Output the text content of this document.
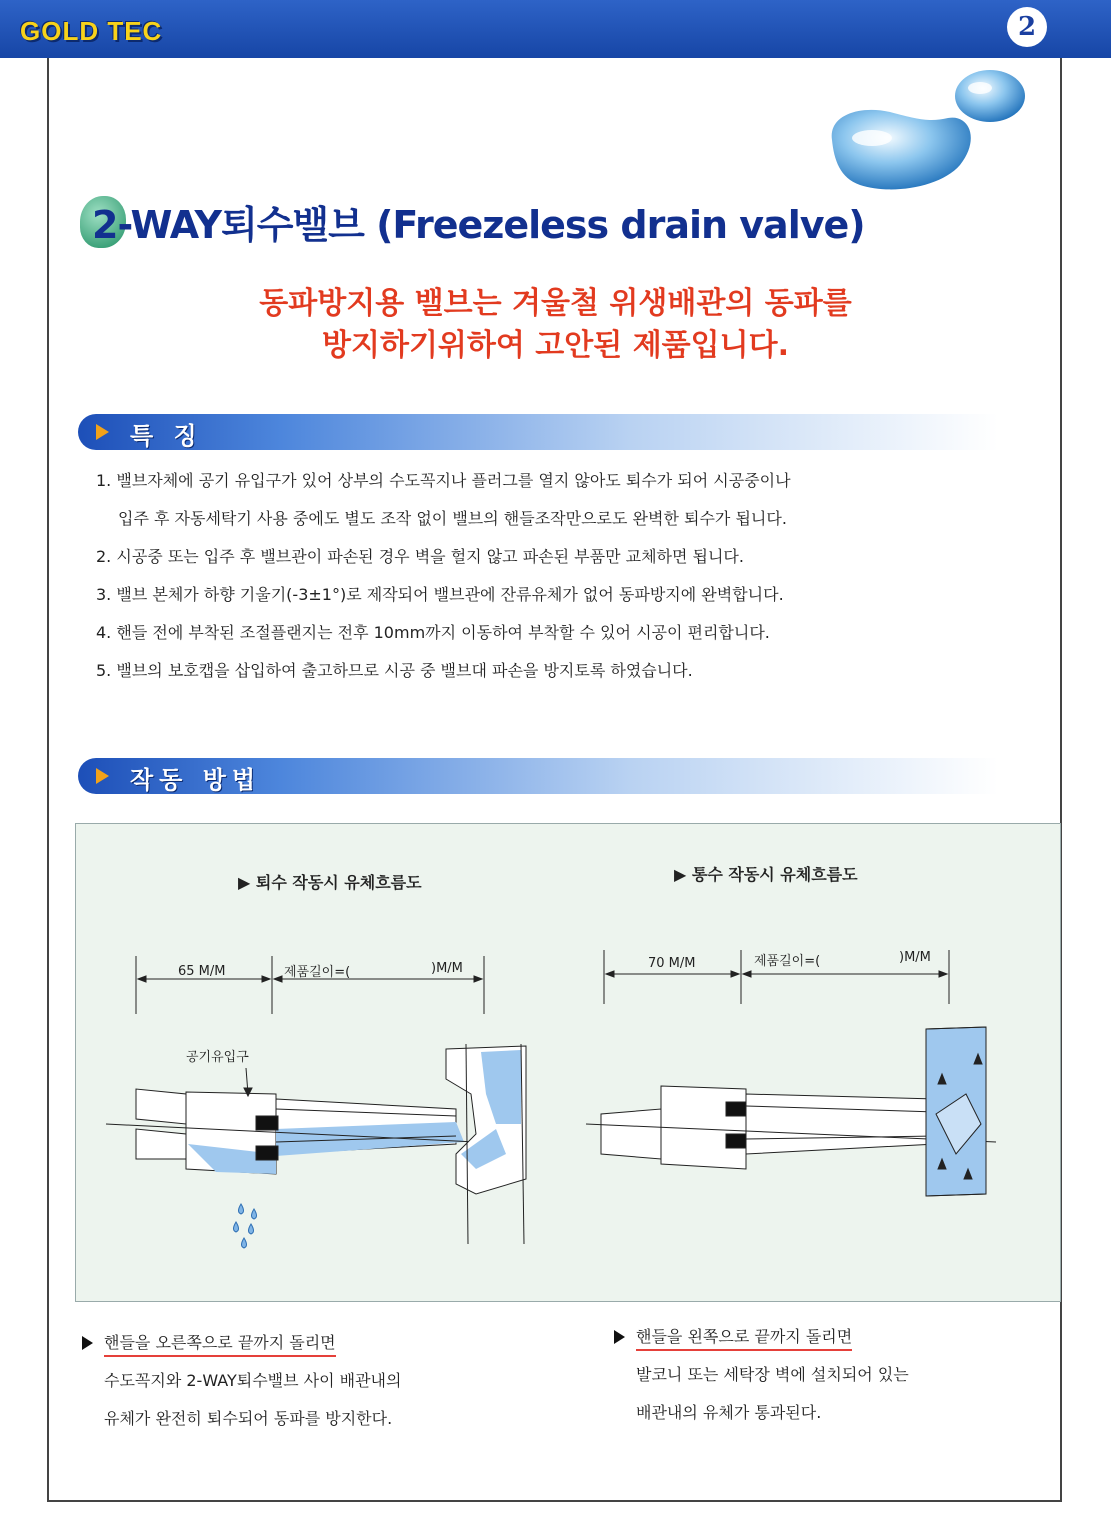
GOLD TEC	2
2-WAY퇴수밸브 (Freezeless drain valve)
동파방지용 밸브는 겨울철 위생배관의 동파를
방지하기위하여 고안된 제품입니다.
특 징
1. 밸브자체에 공기 유입구가 있어 상부의 수도꼭지나 플러그를 열지 않아도 퇴수가 되어 시공중이나
입주 후 자동세탁기 사용 중에도 별도 조작 없이 밸브의 핸들조작만으로도 완벽한 퇴수가 됩니다.
2. 시공중 또는 입주 후 밸브관이 파손된 경우 벽을 헐지 않고 파손된 부품만 교체하면 됩니다.
3. 밸브 본체가 하향 기울기(-3±1°)로 제작되어 밸브관에 잔류유체가 없어 동파방지에 완벽합니다.
4. 핸들 전에 부착된 조절플랜지는 전후 10mm까지 이동하여 부착할 수 있어 시공이 편리합니다.
5. 밸브의 보호캡을 삽입하여 출고하므로 시공 중 밸브대 파손을 방지토록 하였습니다.
작동 방법
▶ 퇴수 작동시 유체흐름도	▶ 통수 작동시 유체흐름도
65 M/M	제품길이=(	)M/M
공기유입구
70 M/M	제품길이=(	)M/M
핸들을 오른쪽으로 끝까지 돌리면
수도꼭지와 2-WAY퇴수밸브 사이 배관내의
유체가 완전히 퇴수되어 동파를 방지한다.
핸들을 왼쪽으로 끝까지 돌리면
발코니 또는 세탁장 벽에 설치되어 있는
배관내의 유체가 통과된다.
